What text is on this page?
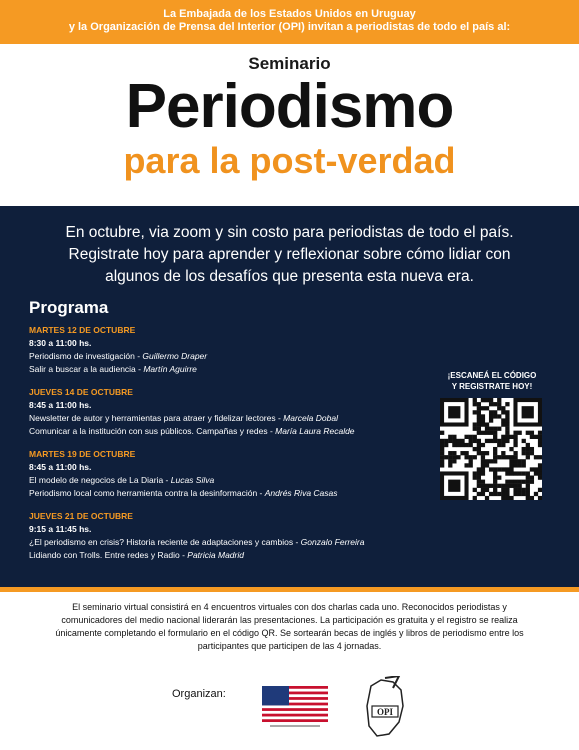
La Embajada de los Estados Unidos en Uruguay
y la Organización de Prensa del Interior (OPI) invitan a periodistas de todo el país al:
Seminario
Periodismo
para la post-verdad
En octubre, via zoom y sin costo para periodistas de todo el país.
Registrate hoy para aprender y reflexionar sobre cómo lidiar con
algunos de los desafíos que presenta esta nueva era.
Programa
MARTES 12 DE OCTUBRE
8:30 a 11:00 hs.
Periodismo de investigación - Guillermo Draper
Salir a buscar a la audiencia - Martín Aguirre
JUEVES 14 DE OCTUBRE
8:45 a 11:00 hs.
Newsletter de autor y herramientas para atraer y fidelizar lectores - Marcela Dobal
Comunicar a la institución con sus públicos. Campañas y redes - María Laura Recalde
MARTES 19 DE OCTUBRE
8:45 a 11:00 hs.
El modelo de negocios de La Diaria - Lucas Silva
Periodismo local como herramienta contra la desinformación - Andrés Riva Casas
JUEVES 21 DE OCTUBRE
9:15 a 11:45 hs.
¿El periodismo en crisis? Historia reciente de adaptaciones y cambios - Gonzalo Ferreira
Lidiando con Trolls. Entre redes y Radio - Patricia Madrid
¡ESCANEÁ EL CÓDIGO
Y REGISTRATE HOY!
El seminario virtual consistirá en 4 encuentros virtuales con dos charlas cada uno. Reconocidos periodistas y
comunicadores del medio nacional liderarán las presentaciones. La participación es gratuita y el registro se realiza
únicamente completando el formulario en el código QR. Se sortearán becas de inglés y libros de periodismo entre los
participantes que participen de las 4 jornadas.
Organizan:
OPI
